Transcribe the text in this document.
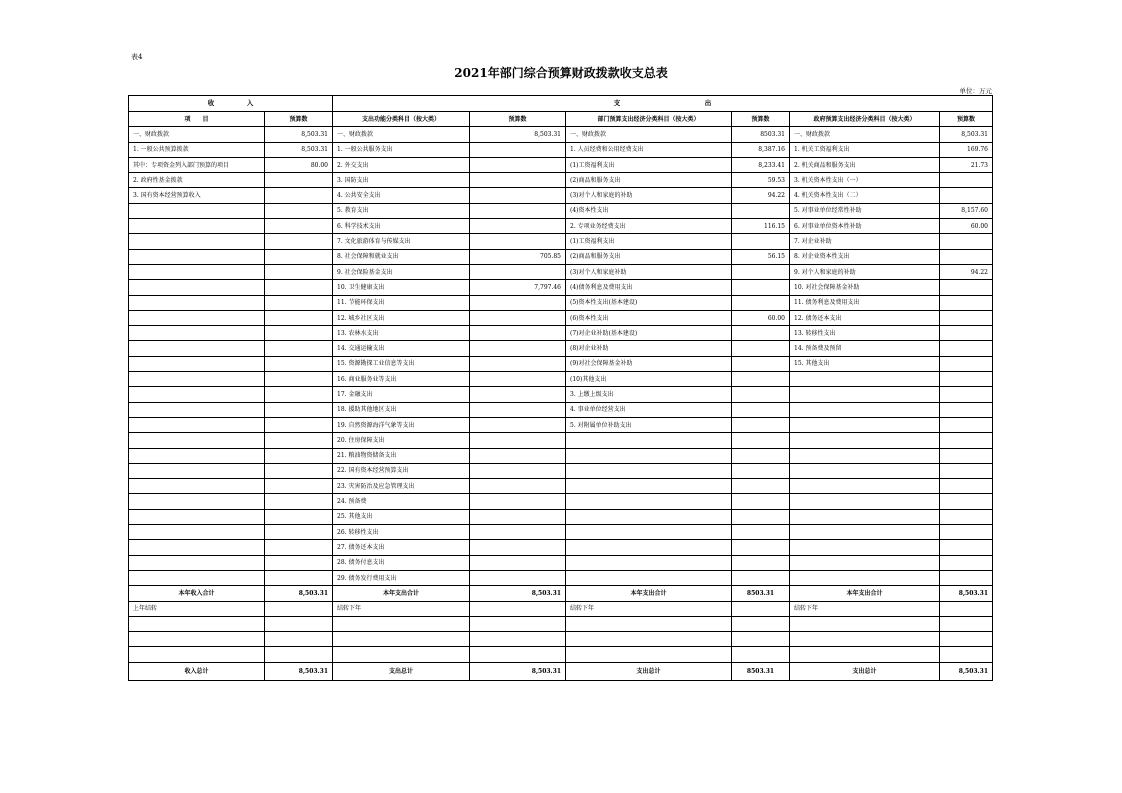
表4
2021年部门综合预算财政拨款收支总表
单位：万元
收　　　　　入		支　　　　　　　　　　　　　出					
项　　目	预算数	支出功能分类科目（按大类）	预算数	部门预算支出经济分类科目（按大类）	预算数	政府预算支出经济分类科目（按大类）	预算数
一、财政拨款	8,503.31	一、财政拨款	8,503.31	一、财政拨款	8503.31	一、财政拨款	8,503.31
1. 一般公共预算拨款	8,503.31	1. 一般公共服务支出		1. 人员经费和公用经费支出	8,387.16	1. 机关工资福利支出	169.76
其中：专项资金列入部门预算的项目	80.00	2. 外交支出		(1)工资福利支出	8,233.41	2. 机关商品和服务支出	21.73
2. 政府性基金拨款		3. 国防支出		(2)商品和服务支出	59.53	3. 机关资本性支出（一）	
3. 国有资本经营预算收入		4. 公共安全支出		(3)对个人和家庭的补助	94.22	4. 机关资本性支出（二）	
		5. 教育支出		(4)资本性支出		5. 对事业单位经常性补助	8,157.60
		6. 科学技术支出		2. 专项业务经费支出	116.15	6. 对事业单位资本性补助	60.00
		7. 文化旅游体育与传媒支出		(1)工资福利支出		7. 对企业补助	
		8. 社会保障和就业支出	705.85	(2)商品和服务支出	56.15	8. 对企业资本性支出	
		9. 社会保险基金支出		(3)对个人和家庭补助		9. 对个人和家庭的补助	94.22
		10. 卫生健康支出	7,797.46	(4)债务利息及费用支出		10. 对社会保障基金补助	
		11. 节能环保支出		(5)资本性支出(基本建设)		11. 债务利息及费用支出	
		12. 城乡社区支出		(6)资本性支出	60.00	12. 债务还本支出	
		13. 农林水支出		(7)对企业补助(基本建设)		13. 转移性支出	
		14. 交通运输支出		(8)对企业补助		14. 预备费及预留	
		15. 资源勘探工业信息等支出		(9)对社会保障基金补助		15. 其他支出	
		16. 商业服务业等支出		(10)其他支出			
		17. 金融支出		3. 上缴上级支出			
		18. 援助其他地区支出		4. 事业单位经营支出			
		19. 自然资源海洋气象等支出		5. 对附属单位补助支出			
		20. 住房保障支出					
		21. 粮油物资储备支出					
		22. 国有资本经营预算支出					
		23. 灾害防治及应急管理支出					
		24. 预备费					
		25. 其他支出					
		26. 转移性支出					
		27. 债务还本支出					
		28. 债务付息支出					
		29. 债务发行费用支出					
本年收入合计	8,503.31	本年支出合计	8,503.31	本年支出合计	8503.31	本年支出合计	8,503.31
上年结转		结转下年		结转下年		结转下年	

收入总计	8,503.31	支出总计	8,503.31	支出总计	8503.31	支出总计	8,503.31
